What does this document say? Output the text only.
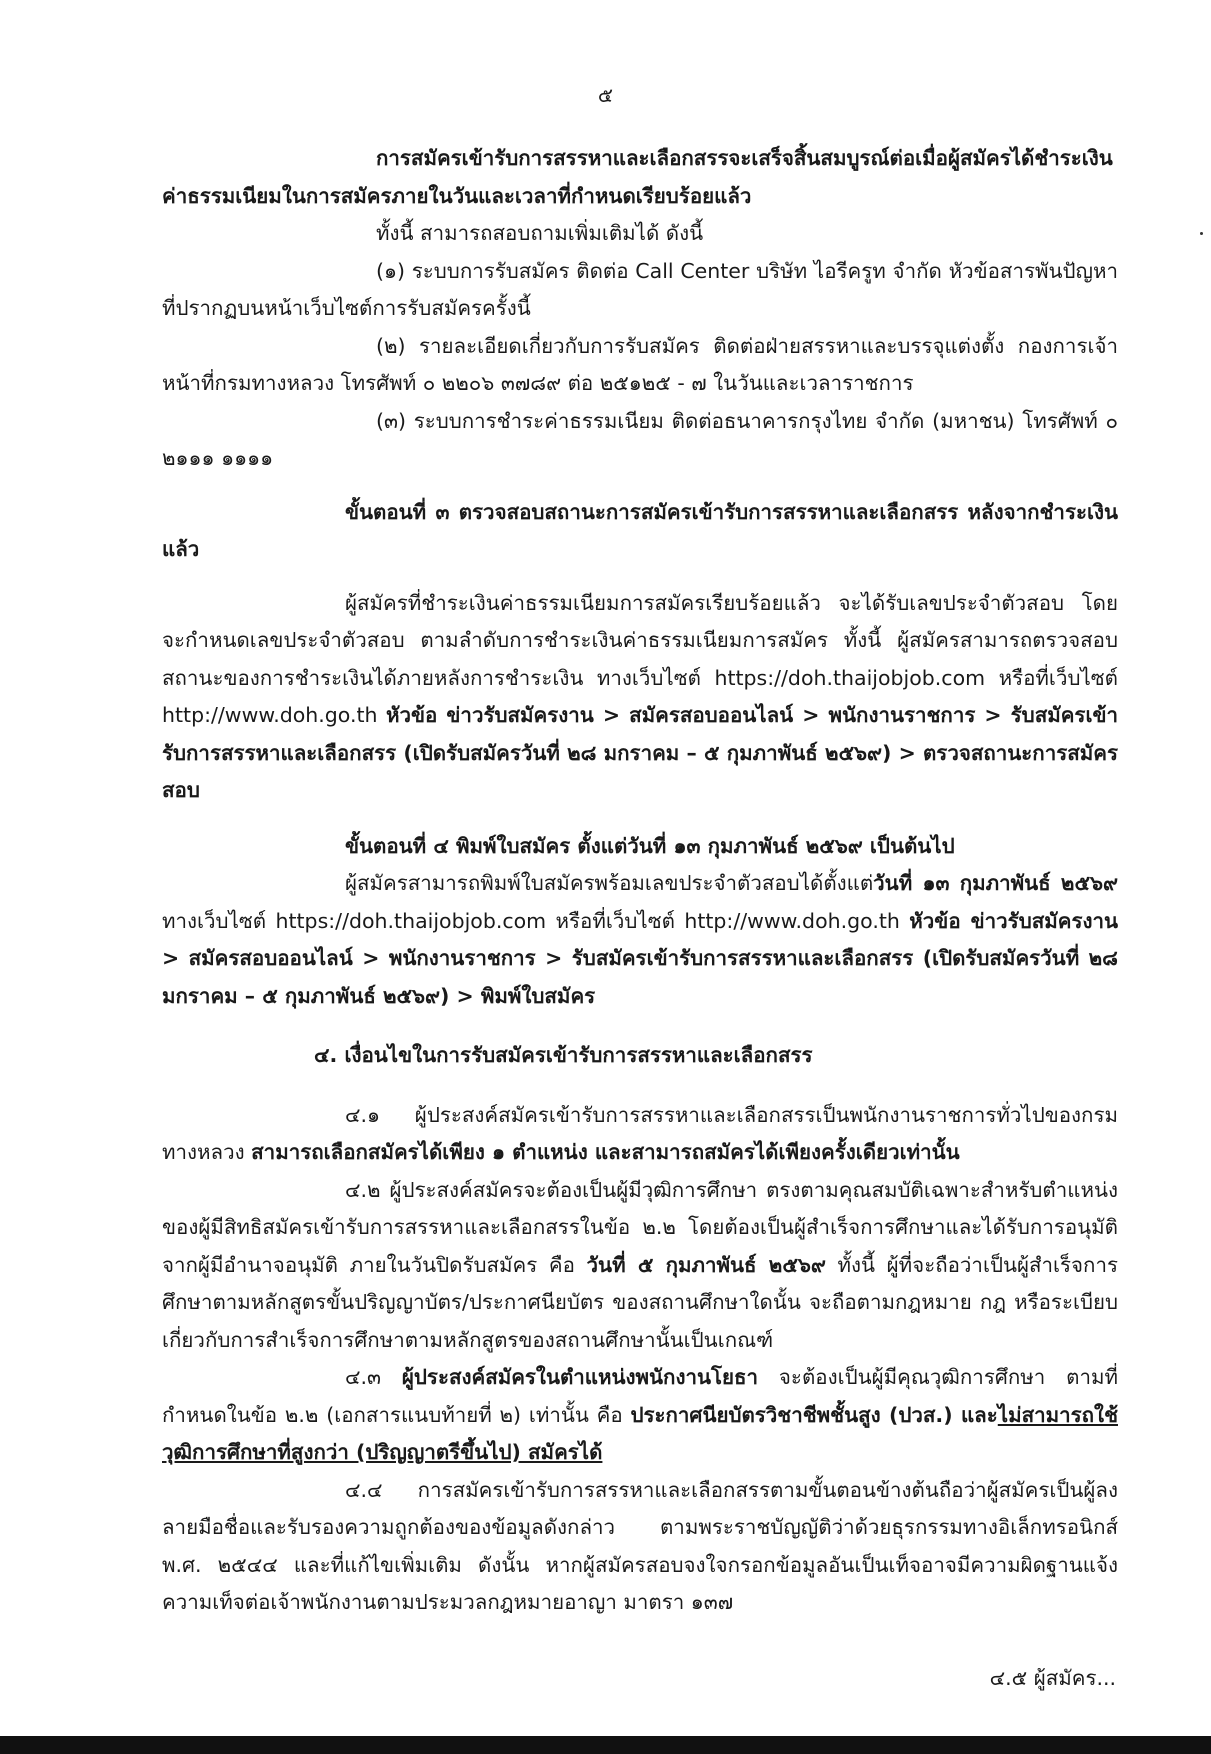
๕

การสมัครเข้ารับการสรรหาและเลือกสรรจะเสร็จสิ้นสมบูรณ์ต่อเมื่อผู้สมัครได้ชำระเงินค่าธรรมเนียมในการสมัครภายในวันและเวลาที่กำหนดเรียบร้อยแล้ว

ทั้งนี้ สามารถสอบถามเพิ่มเติมได้ ดังนี้

(๑) ระบบการรับสมัคร ติดต่อ Call Center บริษัท ไอรีครูท จำกัด หัวข้อสารพันปัญหาที่ปรากฏบนหน้าเว็บไซต์การรับสมัครครั้งนี้

(๒) รายละเอียดเกี่ยวกับการรับสมัคร ติดต่อฝ่ายสรรหาและบรรจุแต่งตั้ง กองการเจ้าหน้าที่กรมทางหลวง โทรศัพท์ ๐ ๒๒๐๖ ๓๗๘๙ ต่อ ๒๕๑๒๕ - ๗ ในวันและเวลาราชการ

(๓) ระบบการชำระค่าธรรมเนียม ติดต่อธนาคารกรุงไทย จำกัด (มหาชน) โทรศัพท์ ๐ ๒๑๑๑ ๑๑๑๑

ขั้นตอนที่ ๓ ตรวจสอบสถานะการสมัครเข้ารับการสรรหาและเลือกสรร หลังจากชำระเงินแล้ว

ผู้สมัครที่ชำระเงินค่าธรรมเนียมการสมัครเรียบร้อยแล้ว จะได้รับเลขประจำตัวสอบ โดยจะกำหนดเลขประจำตัวสอบ ตามลำดับการชำระเงินค่าธรรมเนียมการสมัคร ทั้งนี้ ผู้สมัครสามารถตรวจสอบสถานะของการชำระเงินได้ภายหลังการชำระเงิน ทางเว็บไซต์ https://doh.thaijobjob.com หรือที่เว็บไซต์ http://www.doh.go.th หัวข้อ ข่าวรับสมัครงาน > สมัครสอบออนไลน์ > พนักงานราชการ > รับสมัครเข้ารับการสรรหาและเลือกสรร (เปิดรับสมัครวันที่ ๒๘ มกราคม – ๕ กุมภาพันธ์ ๒๕๖๙) > ตรวจสถานะการสมัครสอบ

ขั้นตอนที่ ๔ พิมพ์ใบสมัคร ตั้งแต่วันที่ ๑๓ กุมภาพันธ์ ๒๕๖๙ เป็นต้นไป

ผู้สมัครสามารถพิมพ์ใบสมัครพร้อมเลขประจำตัวสอบได้ตั้งแต่วันที่ ๑๓ กุมภาพันธ์ ๒๕๖๙ ทางเว็บไซต์ https://doh.thaijobjob.com หรือที่เว็บไซต์ http://www.doh.go.th หัวข้อ ข่าวรับสมัครงาน > สมัครสอบออนไลน์ > พนักงานราชการ > รับสมัครเข้ารับการสรรหาและเลือกสรร (เปิดรับสมัครวันที่ ๒๘ มกราคม – ๕ กุมภาพันธ์ ๒๕๖๙) > พิมพ์ใบสมัคร

๔. เงื่อนไขในการรับสมัครเข้ารับการสรรหาและเลือกสรร

๔.๑ ผู้ประสงค์สมัครเข้ารับการสรรหาและเลือกสรรเป็นพนักงานราชการทั่วไปของกรมทางหลวง สามารถเลือกสมัครได้เพียง ๑ ตำแหน่ง และสามารถสมัครได้เพียงครั้งเดียวเท่านั้น

๔.๒ ผู้ประสงค์สมัครจะต้องเป็นผู้มีวุฒิการศึกษา ตรงตามคุณสมบัติเฉพาะสำหรับตำแหน่งของผู้มีสิทธิสมัครเข้ารับการสรรหาและเลือกสรรในข้อ ๒.๒ โดยต้องเป็นผู้สำเร็จการศึกษาและได้รับการอนุมัติจากผู้มีอำนาจอนุมัติ ภายในวันปิดรับสมัคร คือ วันที่ ๕ กุมภาพันธ์ ๒๕๖๙ ทั้งนี้ ผู้ที่จะถือว่าเป็นผู้สำเร็จการศึกษาตามหลักสูตรขั้นปริญญาบัตร/ประกาศนียบัตร ของสถานศึกษาใดนั้น จะถือตามกฎหมาย กฎ หรือระเบียบเกี่ยวกับการสำเร็จการศึกษาตามหลักสูตรของสถานศึกษานั้นเป็นเกณฑ์

๔.๓ ผู้ประสงค์สมัครในตำแหน่งพนักงานโยธา จะต้องเป็นผู้มีคุณวุฒิการศึกษา ตามที่กำหนดในข้อ ๒.๒ (เอกสารแนบท้ายที่ ๒) เท่านั้น คือ ประกาศนียบัตรวิชาชีพชั้นสูง (ปวส.) และไม่สามารถใช้วุฒิการศึกษาที่สูงกว่า (ปริญญาตรีขึ้นไป) สมัครได้

๔.๔ การสมัครเข้ารับการสรรหาและเลือกสรรตามขั้นตอนข้างต้นถือว่าผู้สมัครเป็นผู้ลงลายมือชื่อและรับรองความถูกต้องของข้อมูลดังกล่าว ตามพระราชบัญญัติว่าด้วยธุรกรรมทางอิเล็กทรอนิกส์ พ.ศ. ๒๕๔๔ และที่แก้ไขเพิ่มเติม ดังนั้น หากผู้สมัครสอบจงใจกรอกข้อมูลอันเป็นเท็จอาจมีความผิดฐานแจ้งความเท็จต่อเจ้าพนักงานตามประมวลกฎหมายอาญา มาตรา ๑๓๗

๔.๕ ผู้สมัคร...
